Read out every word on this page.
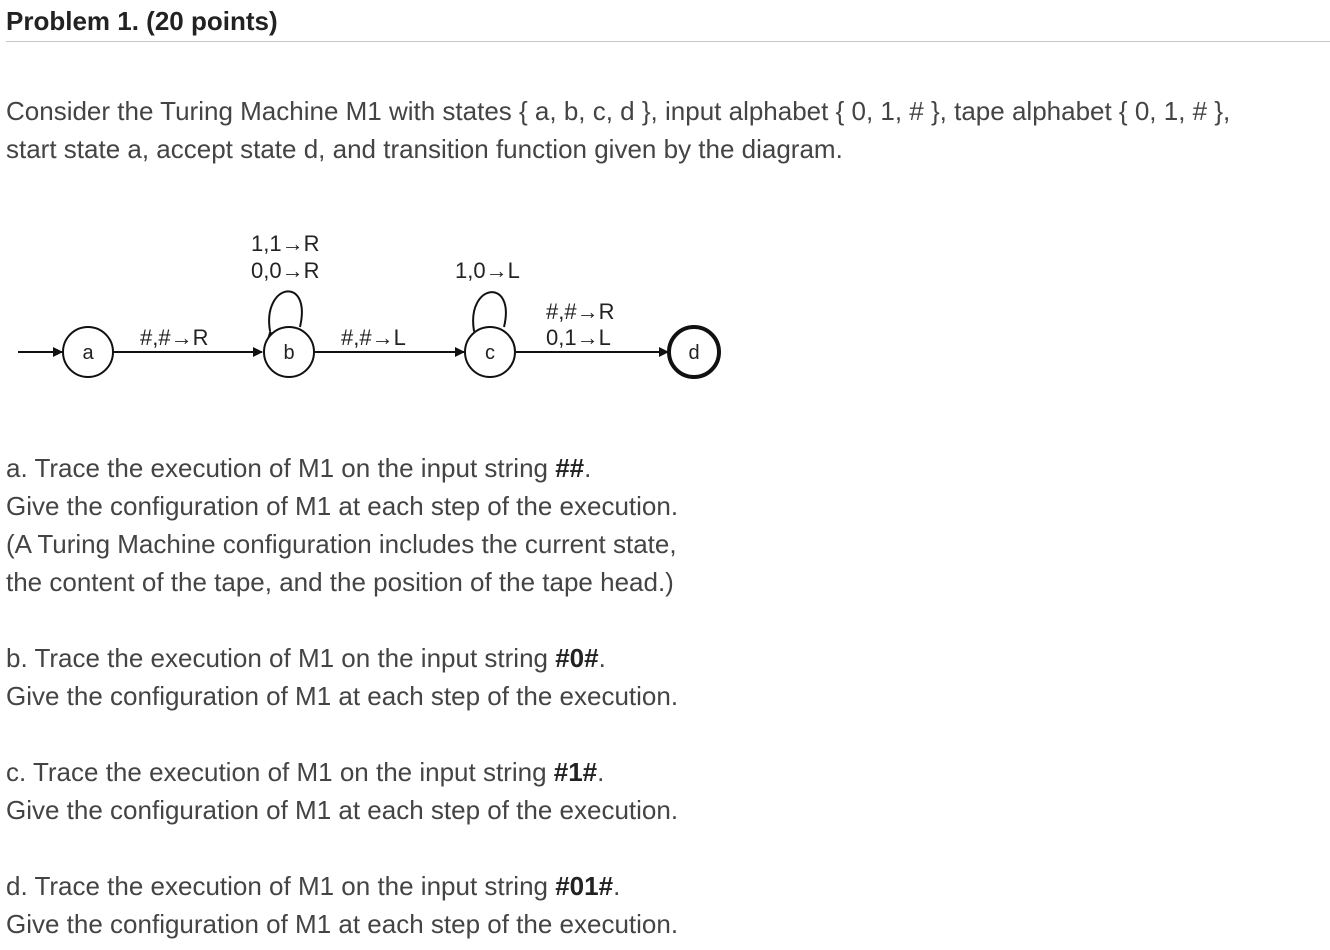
Problem 1. (20 points)

Consider the Turing Machine M1 with states { a, b, c, d }, input alphabet { 0, 1, # }, tape alphabet { 0, 1, # },
start state a, accept state d, and transition function given by the diagram.

a	b	c	d
1,1→R
0,0→R
#,#→R	#,#→L
1,0→L
#,#→R
0,1→L

a. Trace the execution of M1 on the input string ##.
Give the configuration of M1 at each step of the execution.
(A Turing Machine configuration includes the current state,
the content of the tape, and the position of the tape head.)

b. Trace the execution of M1 on the input string #0#.
Give the configuration of M1 at each step of the execution.

c. Trace the execution of M1 on the input string #1#.
Give the configuration of M1 at each step of the execution.

d. Trace the execution of M1 on the input string #01#.
Give the configuration of M1 at each step of the execution.
